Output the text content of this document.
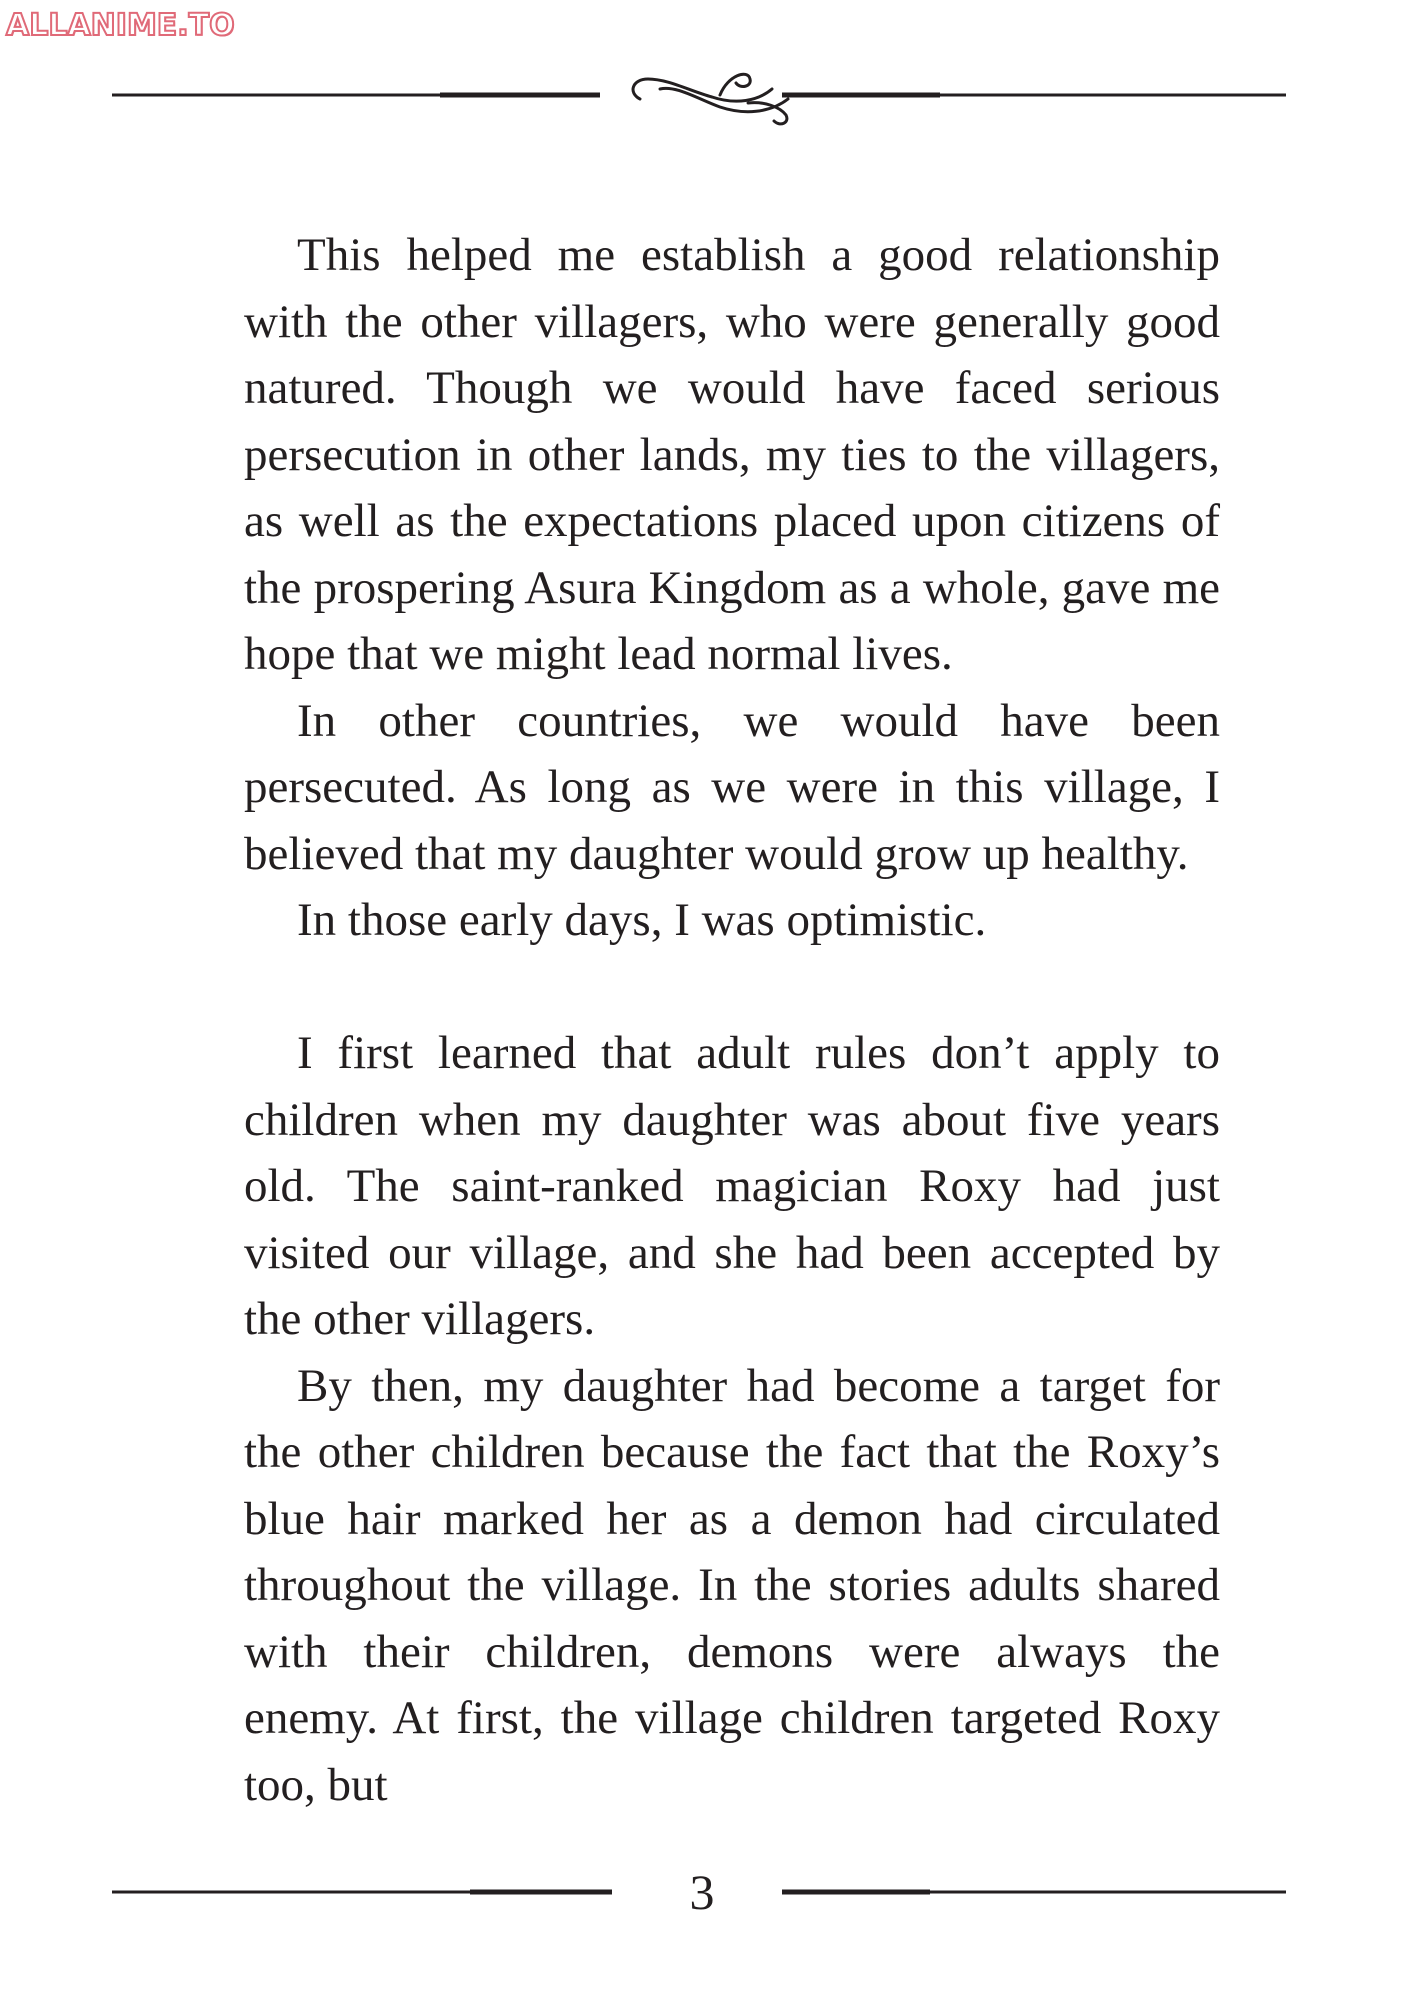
ALLANIME.TO

This helped me establish a good relationship with the other villagers, who were generally good natured. Though we would have faced serious persecution in other lands, my ties to the villagers, as well as the expectations placed upon citizens of the prospering Asura Kingdom as a whole, gave me hope that we might lead normal lives.

In other countries, we would have been persecuted. As long as we were in this village, I believed that my daughter would grow up healthy.

In those early days, I was optimistic.

I first learned that adult rules don’t apply to children when my daughter was about five years old. The saint-ranked magician Roxy had just visited our village, and she had been accepted by the other villagers.

By then, my daughter had become a target for the other children because the fact that the Roxy’s blue hair marked her as a demon had circulated throughout the village. In the stories adults shared with their children, demons were always the enemy. At first, the village children targeted Roxy too, but

3
